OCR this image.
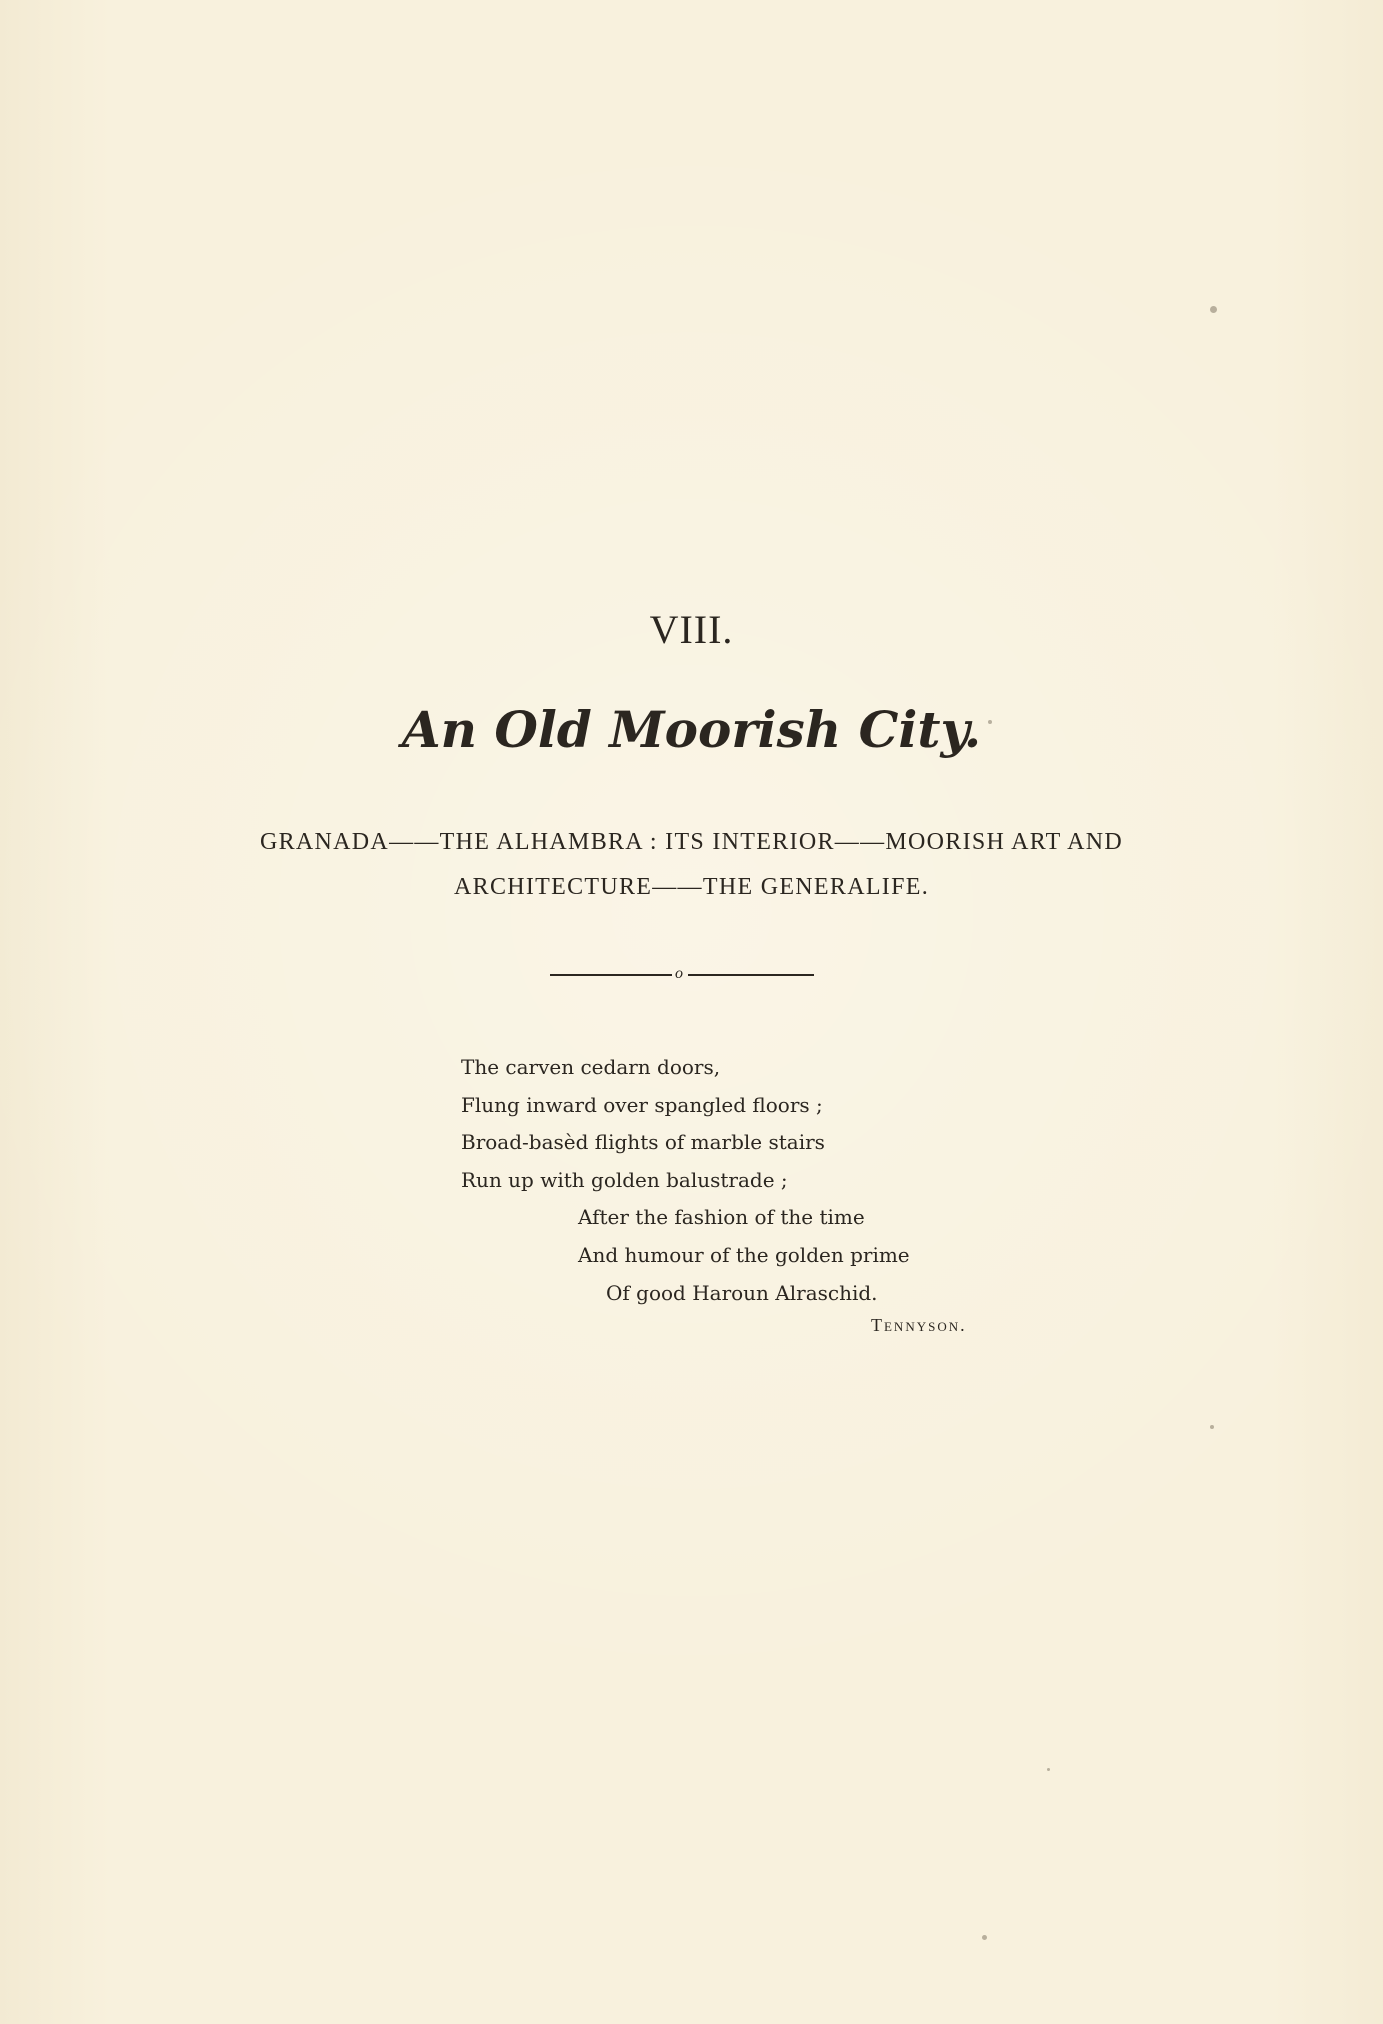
VIII.
An Old Moorish City.
GRANADA——THE ALHAMBRA : ITS INTERIOR——MOORISH ART AND
ARCHITECTURE——THE GENERALIFE.
o
The carven cedarn doors,
Flung inward over spangled floors ;
Broad-basèd flights of marble stairs
Run up with golden balustrade ;
After the fashion of the time
And humour of the golden prime
Of good Haroun Alraschid.
Tennyson.
